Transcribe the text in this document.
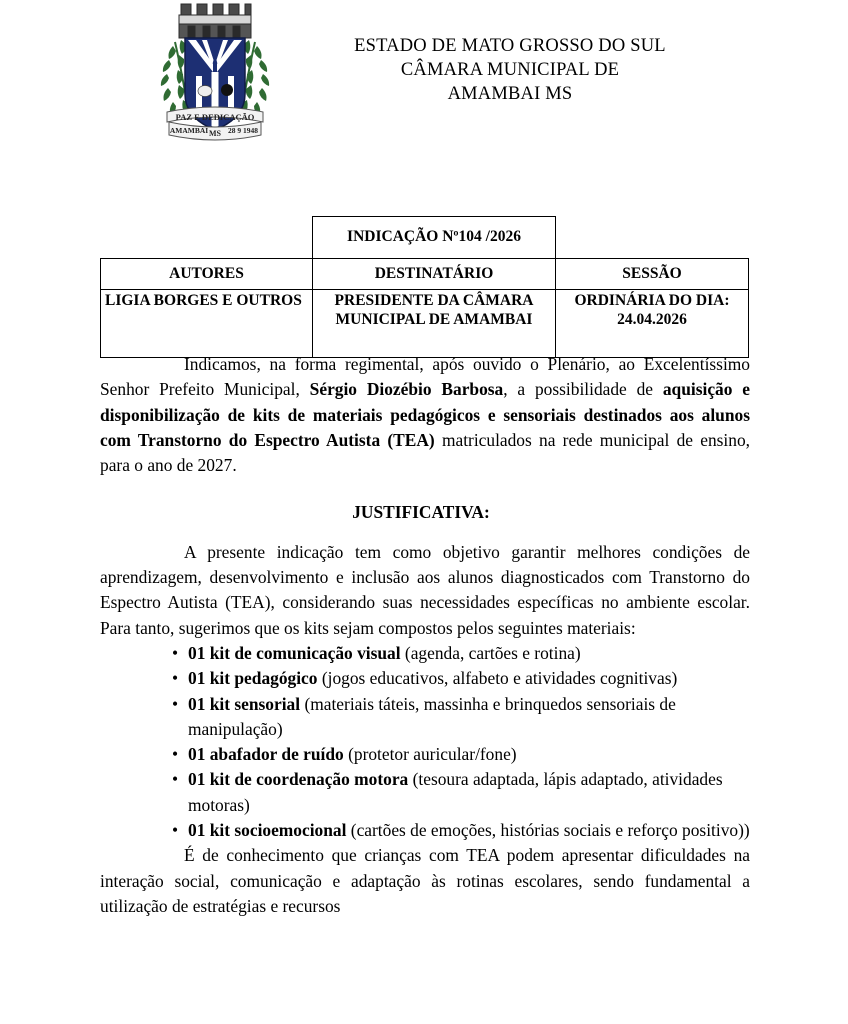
PAZ E DEDICAÇÃO
AMAMBAI MS 28 9 1948
ESTADO DE MATO GROSSO DO SUL
CÂMARA MUNICIPAL DE
AMAMBAI MS
	INDICAÇÃO Nº104 /2026	
AUTORES	DESTINATÁRIO	SESSÃO
LIGIA BORGES E OUTROS	PRESIDENTE DA CÂMARA MUNICIPAL DE AMAMBAI	ORDINÁRIA DO DIA:
24.04.2026

Indicamos, na forma regimental, após ouvido o Plenário, ao Excelentíssimo Senhor Prefeito Municipal, Sérgio Diozébio Barbosa, a possibilidade de aquisição e disponibilização de kits de materiais pedagógicos e sensoriais destinados aos alunos com Transtorno do Espectro Autista (TEA) matriculados na rede municipal de ensino, para o ano de 2027.

JUSTIFICATIVA:

A presente indicação tem como objetivo garantir melhores condições de aprendizagem, desenvolvimento e inclusão aos alunos diagnosticados com Transtorno do Espectro Autista (TEA), considerando suas necessidades específicas no ambiente escolar. Para tanto, sugerimos que os kits sejam compostos pelos seguintes materiais:

• 01 kit de comunicação visual (agenda, cartões e rotina)
• 01 kit pedagógico (jogos educativos, alfabeto e atividades cognitivas)
• 01 kit sensorial (materiais táteis, massinha e brinquedos sensoriais de manipulação)
• 01 abafador de ruído (protetor auricular/fone)
• 01 kit de coordenação motora (tesoura adaptada, lápis adaptado, atividades motoras)
• 01 kit socioemocional (cartões de emoções, histórias sociais e reforço positivo))

É de conhecimento que crianças com TEA podem apresentar dificuldades na interação social, comunicação e adaptação às rotinas escolares, sendo fundamental a utilização de estratégias e recursos
